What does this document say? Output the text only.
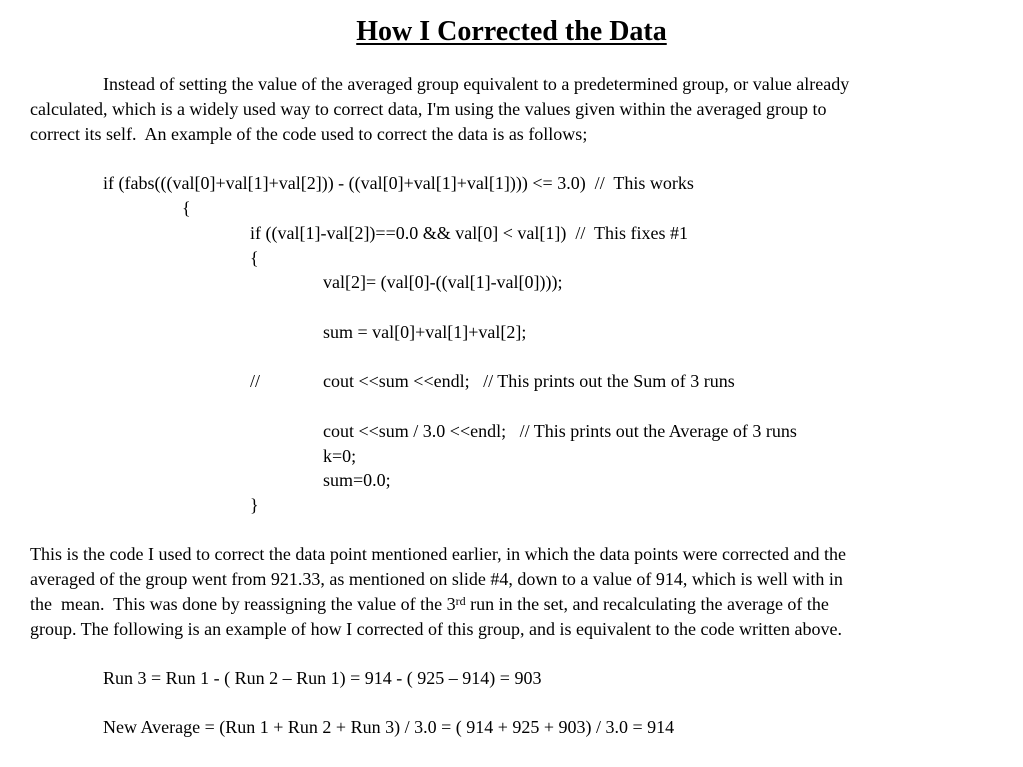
How I Corrected the Data
Instead of setting the value of the averaged group equivalent to a predetermined group, or value already
calculated, which is a widely used way to correct data, I'm using the values given within the averaged group to
correct its self.  An example of the code used to correct the data is as follows;
if (fabs(((val[0]+val[1]+val[2])) - ((val[0]+val[1]+val[1]))) <= 3.0)  //  This works
{
if ((val[1]-val[2])==0.0 && val[0] < val[1])  //  This fixes #1
{
val[2]= (val[0]-((val[1]-val[0])));
sum = val[0]+val[1]+val[2];
//	cout <<sum <<endl;   // This prints out the Sum of 3 runs
cout <<sum / 3.0 <<endl;   // This prints out the Average of 3 runs
k=0;
sum=0.0;
}
This is the code I used to correct the data point mentioned earlier, in which the data points were corrected and the
averaged of the group went from 921.33, as mentioned on slide #4, down to a value of 914, which is well with in
the  mean.  This was done by reassigning the value of the 3rd run in the set, and recalculating the average of the
group. The following is an example of how I corrected of this group, and is equivalent to the code written above.
Run 3 = Run 1 - ( Run 2 – Run 1) = 914 - ( 925 – 914) = 903
New Average = (Run 1 + Run 2 + Run 3) / 3.0 = ( 914 + 925 + 903) / 3.0 = 914
